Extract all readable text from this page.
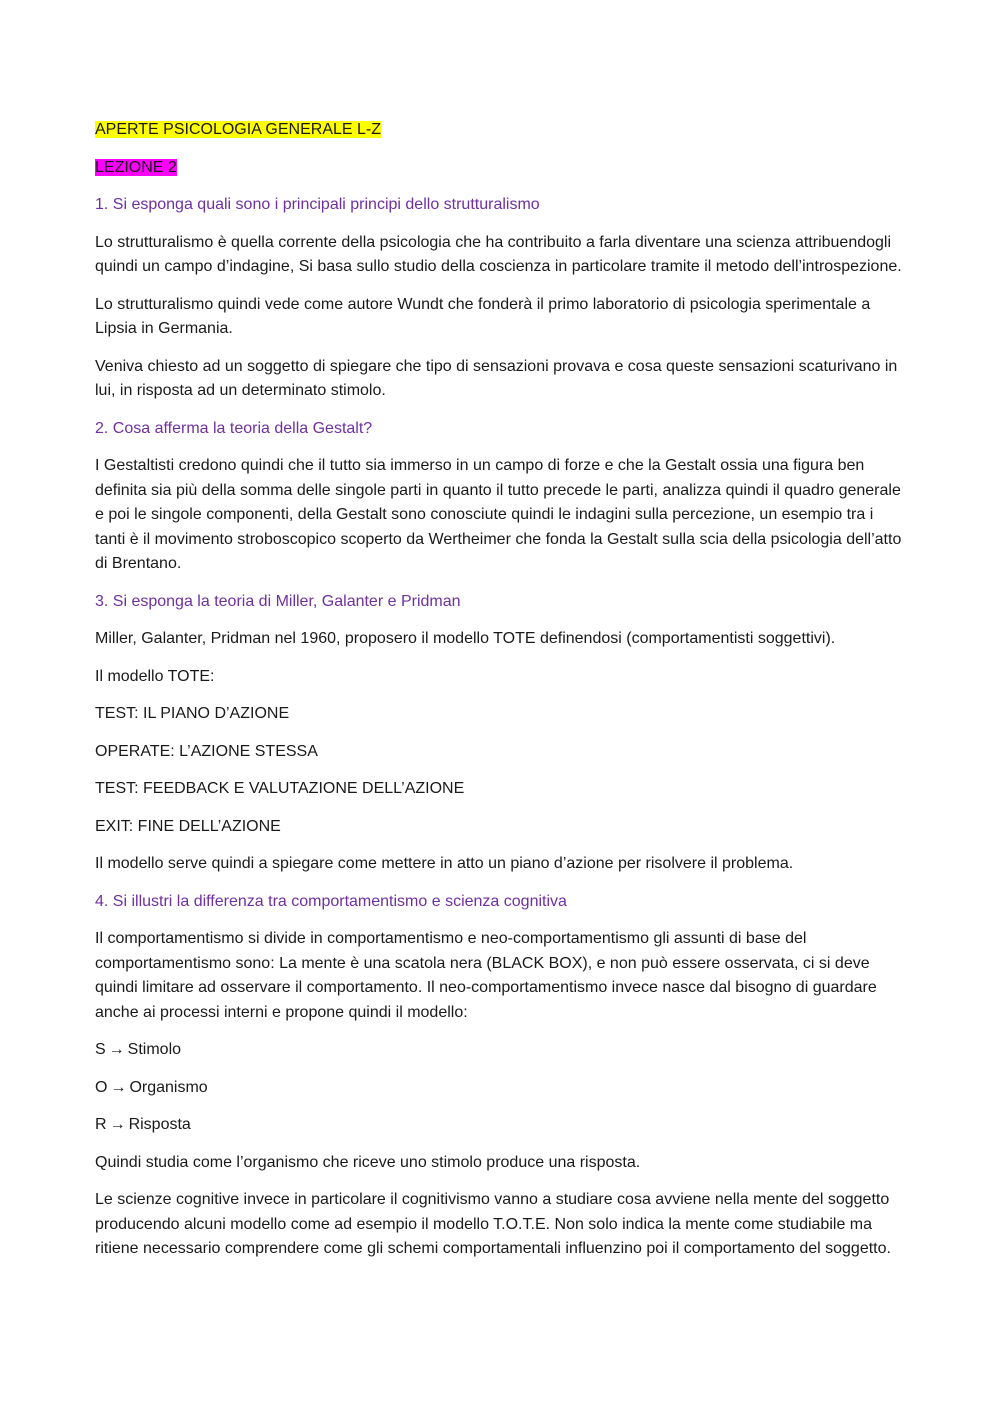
APERTE PSICOLOGIA GENERALE L-Z

LEZIONE 2

1. Si esponga quali sono i principali principi dello strutturalismo

Lo strutturalismo è quella corrente della psicologia che ha contribuito a farla diventare una scienza attribuendogli quindi un campo d’indagine, Si basa sullo studio della coscienza in particolare tramite il metodo dell’introspezione.

Lo strutturalismo quindi vede come autore Wundt che fonderà il primo laboratorio di psicologia sperimentale a Lipsia in Germania.

Veniva chiesto ad un soggetto di spiegare che tipo di sensazioni provava e cosa queste sensazioni scaturivano in lui, in risposta ad un determinato stimolo.

2. Cosa afferma la teoria della Gestalt?

I Gestaltisti credono quindi che il tutto sia immerso in un campo di forze e che la Gestalt ossia una figura ben definita sia più della somma delle singole parti in quanto il tutto precede le parti, analizza quindi il quadro generale e poi le singole componenti, della Gestalt sono conosciute quindi le indagini sulla percezione, un esempio tra i tanti è il movimento stroboscopico scoperto da Wertheimer che fonda la Gestalt sulla scia della psicologia dell’atto di Brentano.

3. Si esponga la teoria di Miller, Galanter e Pridman

Miller, Galanter, Pridman nel 1960, proposero il modello TOTE definendosi (comportamentisti soggettivi).

Il modello TOTE:

TEST: IL PIANO D’AZIONE

OPERATE: L’AZIONE STESSA

TEST: FEEDBACK E VALUTAZIONE DELL’AZIONE

EXIT: FINE DELL’AZIONE

Il modello serve quindi a spiegare come mettere in atto un piano d’azione per risolvere il problema.

4. Si illustri la differenza tra comportamentismo e scienza cognitiva

Il comportamentismo si divide in comportamentismo e neo-comportamentismo gli assunti di base del comportamentismo sono: La mente è una scatola nera (BLACK BOX), e non può essere osservata, ci si deve quindi limitare ad osservare il comportamento. Il neo-comportamentismo invece nasce dal bisogno di guardare anche ai processi interni e propone quindi il modello:

S → Stimolo

O → Organismo

R → Risposta

Quindi studia come l’organismo che riceve uno stimolo produce una risposta.

Le scienze cognitive invece in particolare il cognitivismo vanno a studiare cosa avviene nella mente del soggetto producendo alcuni modello come ad esempio il modello T.O.T.E. Non solo indica la mente come studiabile ma ritiene necessario comprendere come gli schemi comportamentali influenzino poi il comportamento del soggetto.
